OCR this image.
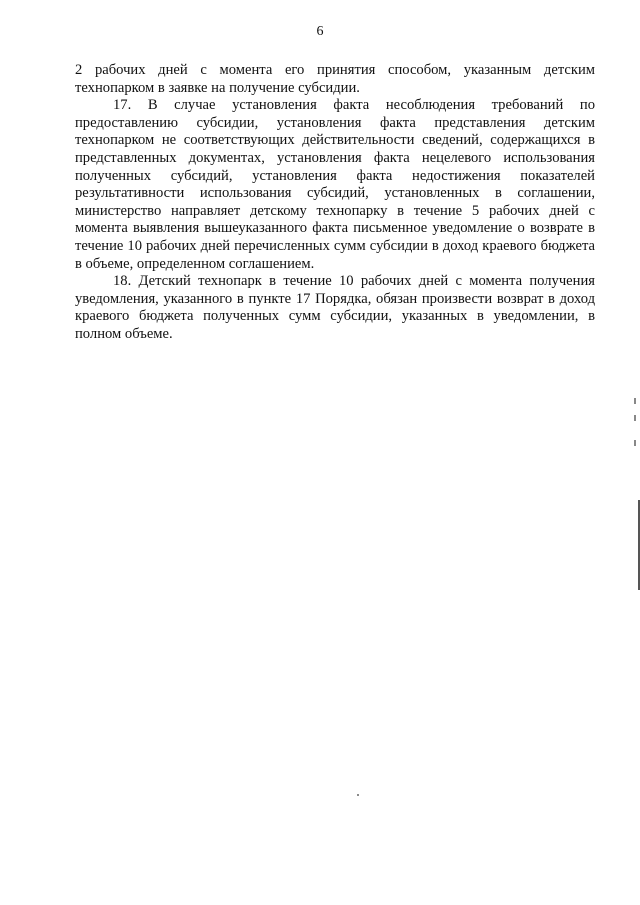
6

2 рабочих дней с момента его принятия способом, указанным детским технопарком в заявке на получение субсидии.

17. В случае установления факта несоблюдения требований по предоставлению субсидии, установления факта представления детским технопарком не соответствующих действительности сведений, содержащихся в представленных документах, установления факта нецелевого использования полученных субсидий, установления факта недостижения показателей результативности использования субсидий, установленных в соглашении, министерство направляет детскому технопарку в течение 5 рабочих дней с момента выявления вышеуказанного факта письменное уведомление о возврате в течение 10 рабочих дней перечисленных сумм субсидии в доход краевого бюджета в объеме, определенном соглашением.

18. Детский технопарк в течение 10 рабочих дней с момента получения уведомления, указанного в пункте 17 Порядка, обязан произвести возврат в доход краевого бюджета полученных сумм субсидии, указанных в уведомлении, в полном объеме.
